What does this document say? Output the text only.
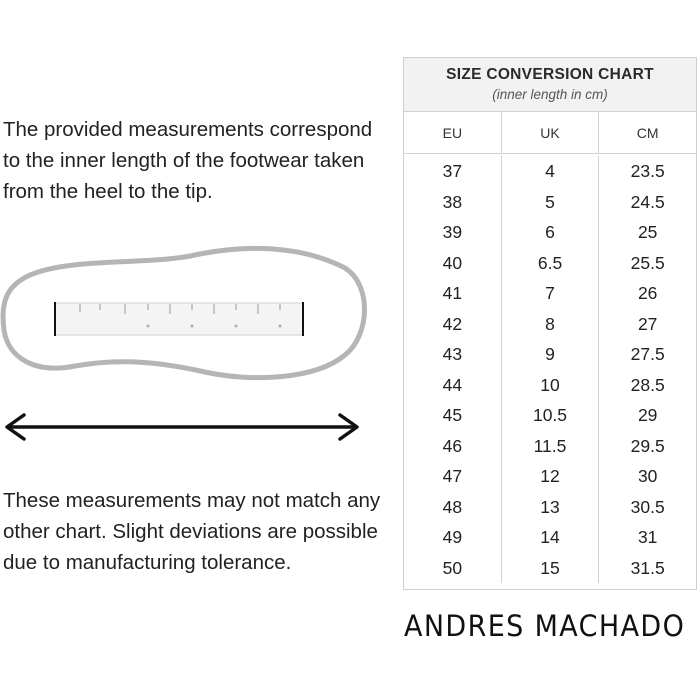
The provided measurements correspond to the inner length of the footwear taken from the heel to the tip.

These measurements may not match any other chart. Slight deviations are possible due to manufacturing tolerance.

SIZE CONVERSION CHART
(inner length in cm)
EU	UK	CM
37	4	23.5
38	5	24.5
39	6	25
40	6.5	25.5
41	7	26
42	8	27
43	9	27.5
44	10	28.5
45	10.5	29
46	11.5	29.5
47	12	30
48	13	30.5
49	14	31
50	15	31.5
ANDRES MACHADO
